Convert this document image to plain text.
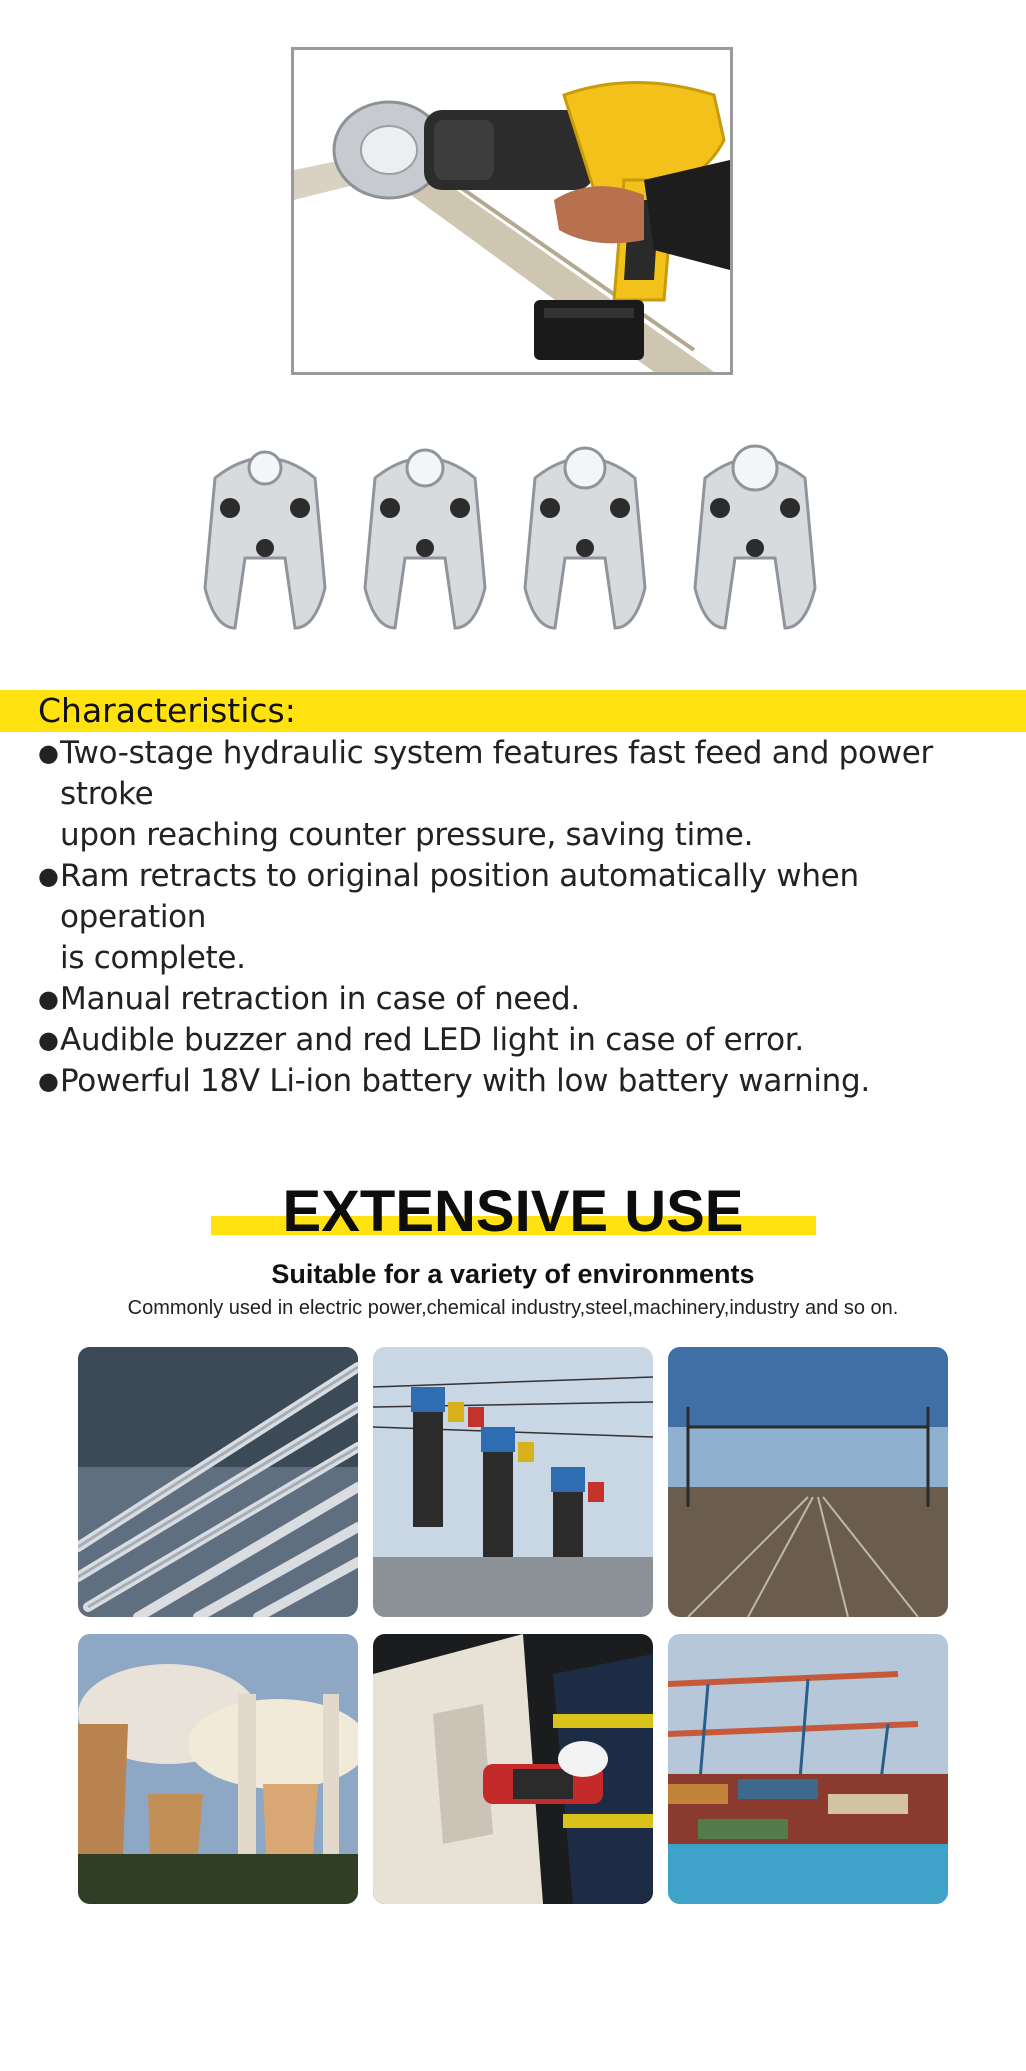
Characteristics:
● Two-stage hydraulic system features fast feed and power stroke
upon reaching counter pressure, saving time.
● Ram retracts to original position automatically when operation
is complete.
● Manual retraction in case of need.
● Audible buzzer and red LED light in case of error.
● Powerful 18V Li-ion battery with low battery warning.
EXTENSIVE USE
Suitable for a variety of environments
Commonly used in electric power,chemical industry,steel,machinery,industry and so on.
